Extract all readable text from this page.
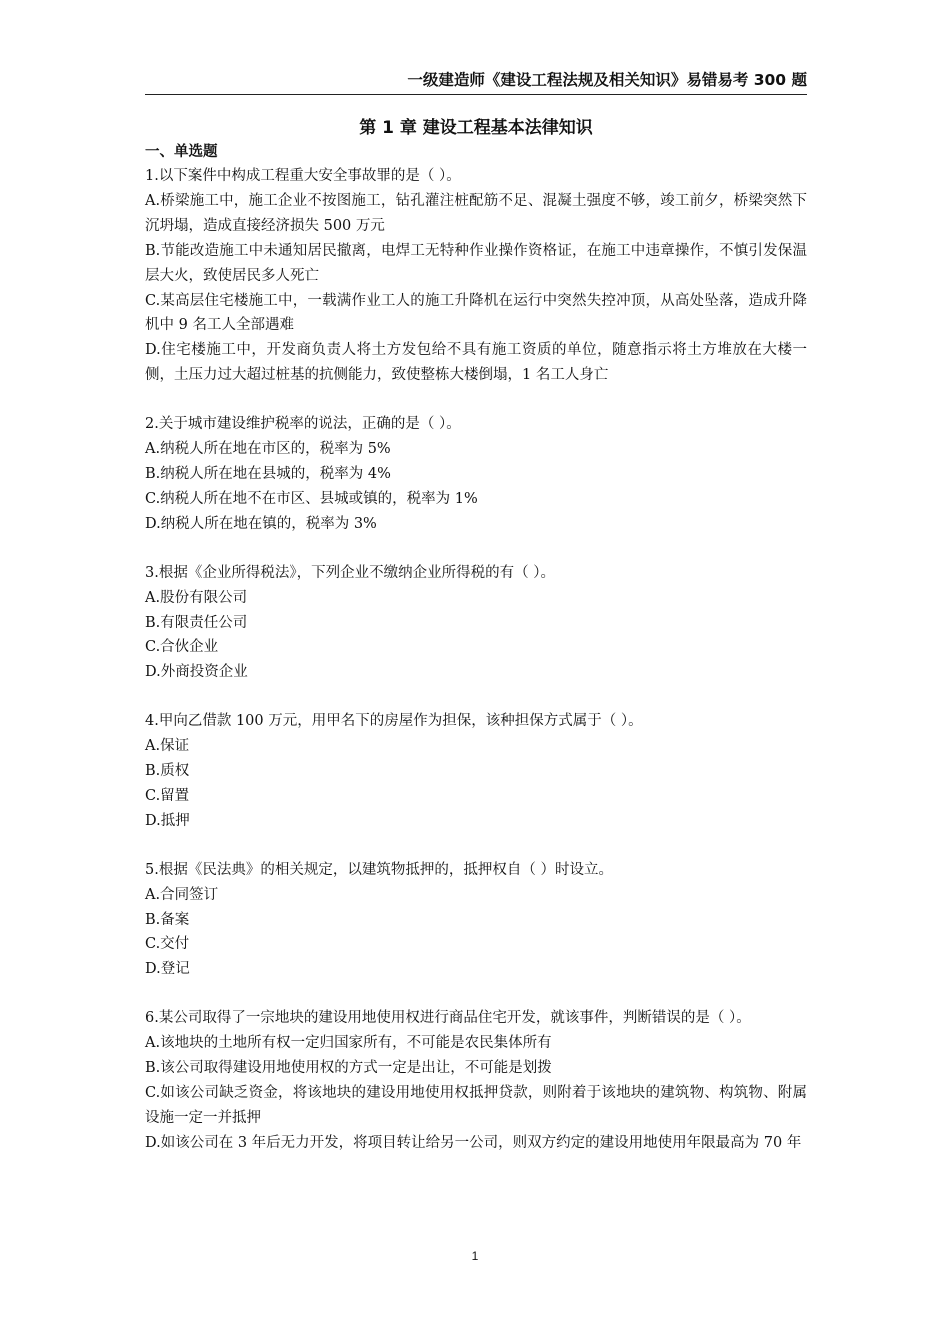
一级建造师《建设工程法规及相关知识》易错易考 300 题
第 1 章 建设工程基本法律知识
一、单选题

1.以下案件中构成工程重大安全事故罪的是（ ）。

A.桥梁施工中，施工企业不按图施工，钻孔灌注桩配筋不足、混凝土强度不够，竣工前夕，桥梁突然下沉坍塌，造成直接经济损失 500 万元

B.节能改造施工中未通知居民撤离，电焊工无特种作业操作资格证，在施工中违章操作，不慎引发保温层大火，致使居民多人死亡

C.某高层住宅楼施工中，一载满作业工人的施工升降机在运行中突然失控冲顶，从高处坠落，造成升降机中 9 名工人全部遇难

D.住宅楼施工中，开发商负责人将土方发包给不具有施工资质的单位，随意指示将土方堆放在大楼一侧，土压力过大超过桩基的抗侧能力，致使整栋大楼倒塌，1 名工人身亡

2.关于城市建设维护税率的说法，正确的是（ ）。

A.纳税人所在地在市区的，税率为 5%

B.纳税人所在地在县城的，税率为 4%

C.纳税人所在地不在市区、县城或镇的，税率为 1%

D.纳税人所在地在镇的，税率为 3%

3.根据《企业所得税法》，下列企业不缴纳企业所得税的有（ ）。

A.股份有限公司

B.有限责任公司

C.合伙企业

D.外商投资企业

4.甲向乙借款 100 万元，用甲名下的房屋作为担保，该种担保方式属于（ ）。

A.保证

B.质权

C.留置

D.抵押

5.根据《民法典》的相关规定，以建筑物抵押的，抵押权自（ ）时设立。

A.合同签订

B.备案

C.交付

D.登记

6.某公司取得了一宗地块的建设用地使用权进行商品住宅开发，就该事件，判断错误的是（ ）。

A.该地块的土地所有权一定归国家所有，不可能是农民集体所有

B.该公司取得建设用地使用权的方式一定是出让，不可能是划拨

C.如该公司缺乏资金，将该地块的建设用地使用权抵押贷款，则附着于该地块的建筑物、构筑物、附属设施一定一并抵押

D.如该公司在 3 年后无力开发，将项目转让给另一公司，则双方约定的建设用地使用年限最高为 70 年

1
